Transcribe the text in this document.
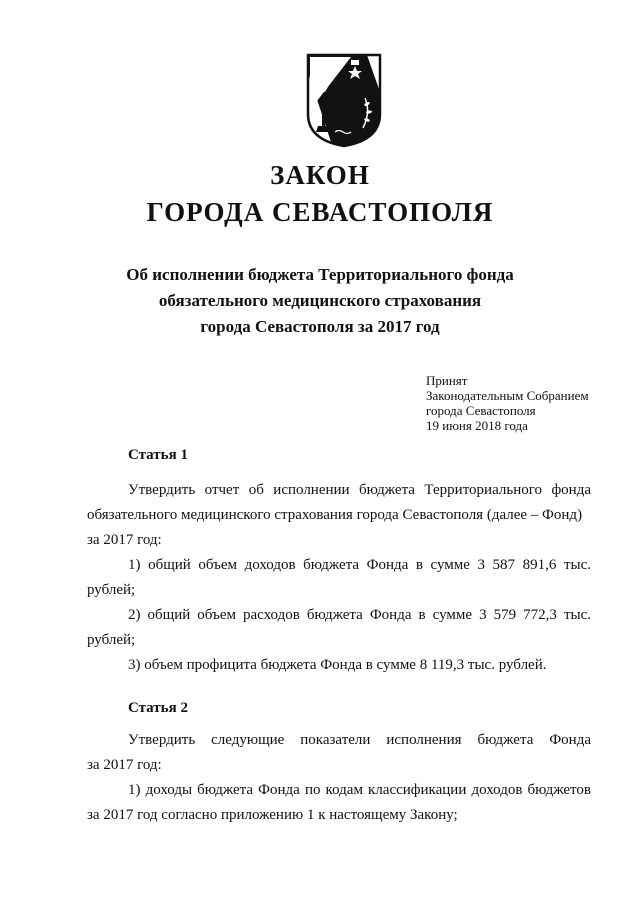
ЗАКОН
ГОРОДА СЕВАСТОПОЛЯ
Об исполнении бюджета Территориального фонда
обязательного медицинского страхования
города Севастополя за 2017 год
Принят
Законодательным Собранием
города Севастополя
19 июня 2018 года
Статья 1
Утвердить отчет об исполнении бюджета Территориального фонда
обязательного медицинского страхования города Севастополя (далее – Фонд)
за 2017 год:
1) общий объем доходов бюджета Фонда в сумме 3 587 891,6 тыс.
рублей;
2) общий объем расходов бюджета Фонда в сумме 3 579 772,3 тыс.
рублей;
3) объем профицита бюджета Фонда в сумме 8 119,3 тыс. рублей.
Статья 2
Утвердить следующие показатели исполнения бюджета Фонда
за 2017 год:
1) доходы бюджета Фонда по кодам классификации доходов бюджетов
за 2017 год согласно приложению 1 к настоящему Закону;
